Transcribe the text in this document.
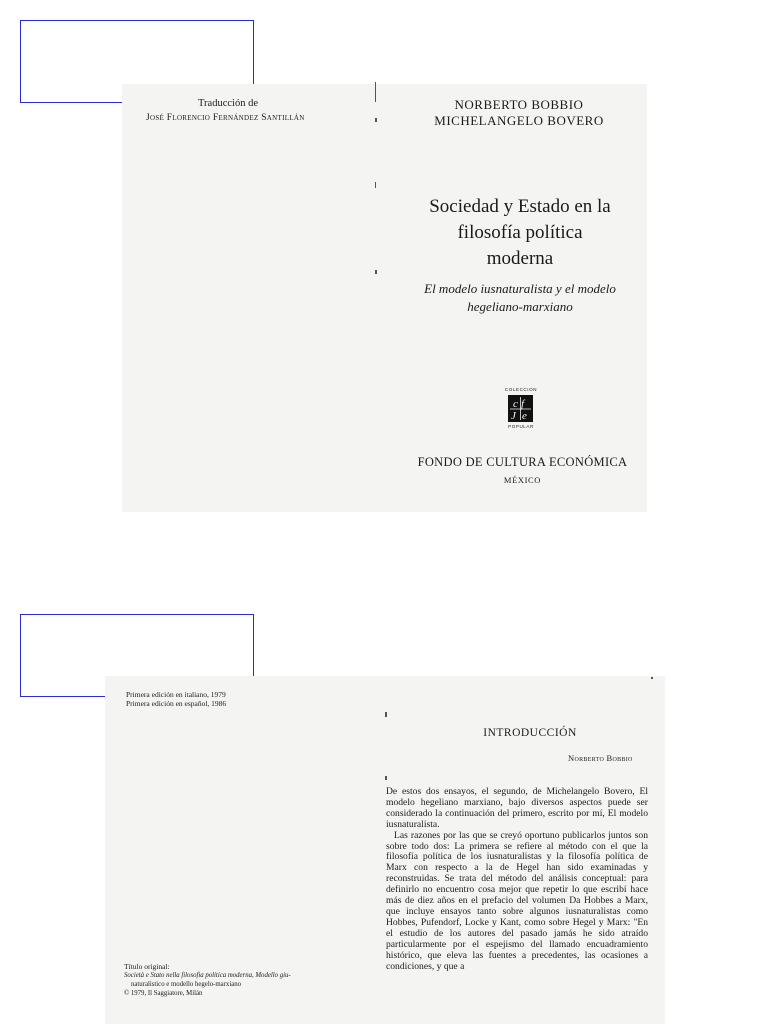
Traducción de
José Florencio Fernández Santillán
NORBERTO BOBBIO
MICHELANGELO BOVERO
Sociedad y Estado en la
filosofía política
moderna
El modelo iusnaturalista y el modelo
hegeliano-marxiano
COLECCION
c f
J e
POPULAR
FONDO DE CULTURA ECONÓMICA
MÉXICO
Primera edición en italiano, 1979
Primera edición en español, 1986
INTRODUCCIÓN
Norberto Bobbio

De estos dos ensayos, el segundo, de Michelangelo Bovero, El modelo hegeliano marxiano, bajo diversos aspectos puede ser considerado la continuación del primero, escrito por mí, El modelo iusnaturalista.

Las razones por las que se creyó oportuno publicarlos juntos son sobre todo dos: La primera se refiere al método con el que la filosofía política de los iusnaturalistas y la filosofía política de Marx con respecto a la de Hegel han sido examinadas y reconstruidas. Se trata del método del análisis conceptual: para definirlo no encuentro cosa mejor que repetir lo que escribí hace más de diez años en el prefacio del volumen Da Hobbes a Marx, que incluye ensayos tanto sobre algunos iusnaturalistas como Hobbes, Pufendorf, Locke y Kant, como sobre Hegel y Marx: "En el estudio de los autores del pasado jamás he sido atraído particularmente por el espejismo del llamado encuadramiento histórico, que eleva las fuentes a precedentes, las ocasiones a condiciones, y que a

Título original:
Società e Stato nella filosofia politica moderna, Modello giu-
naturalistico e modello hegelo-marxiano
© 1979, Il Saggiatore, Milán
